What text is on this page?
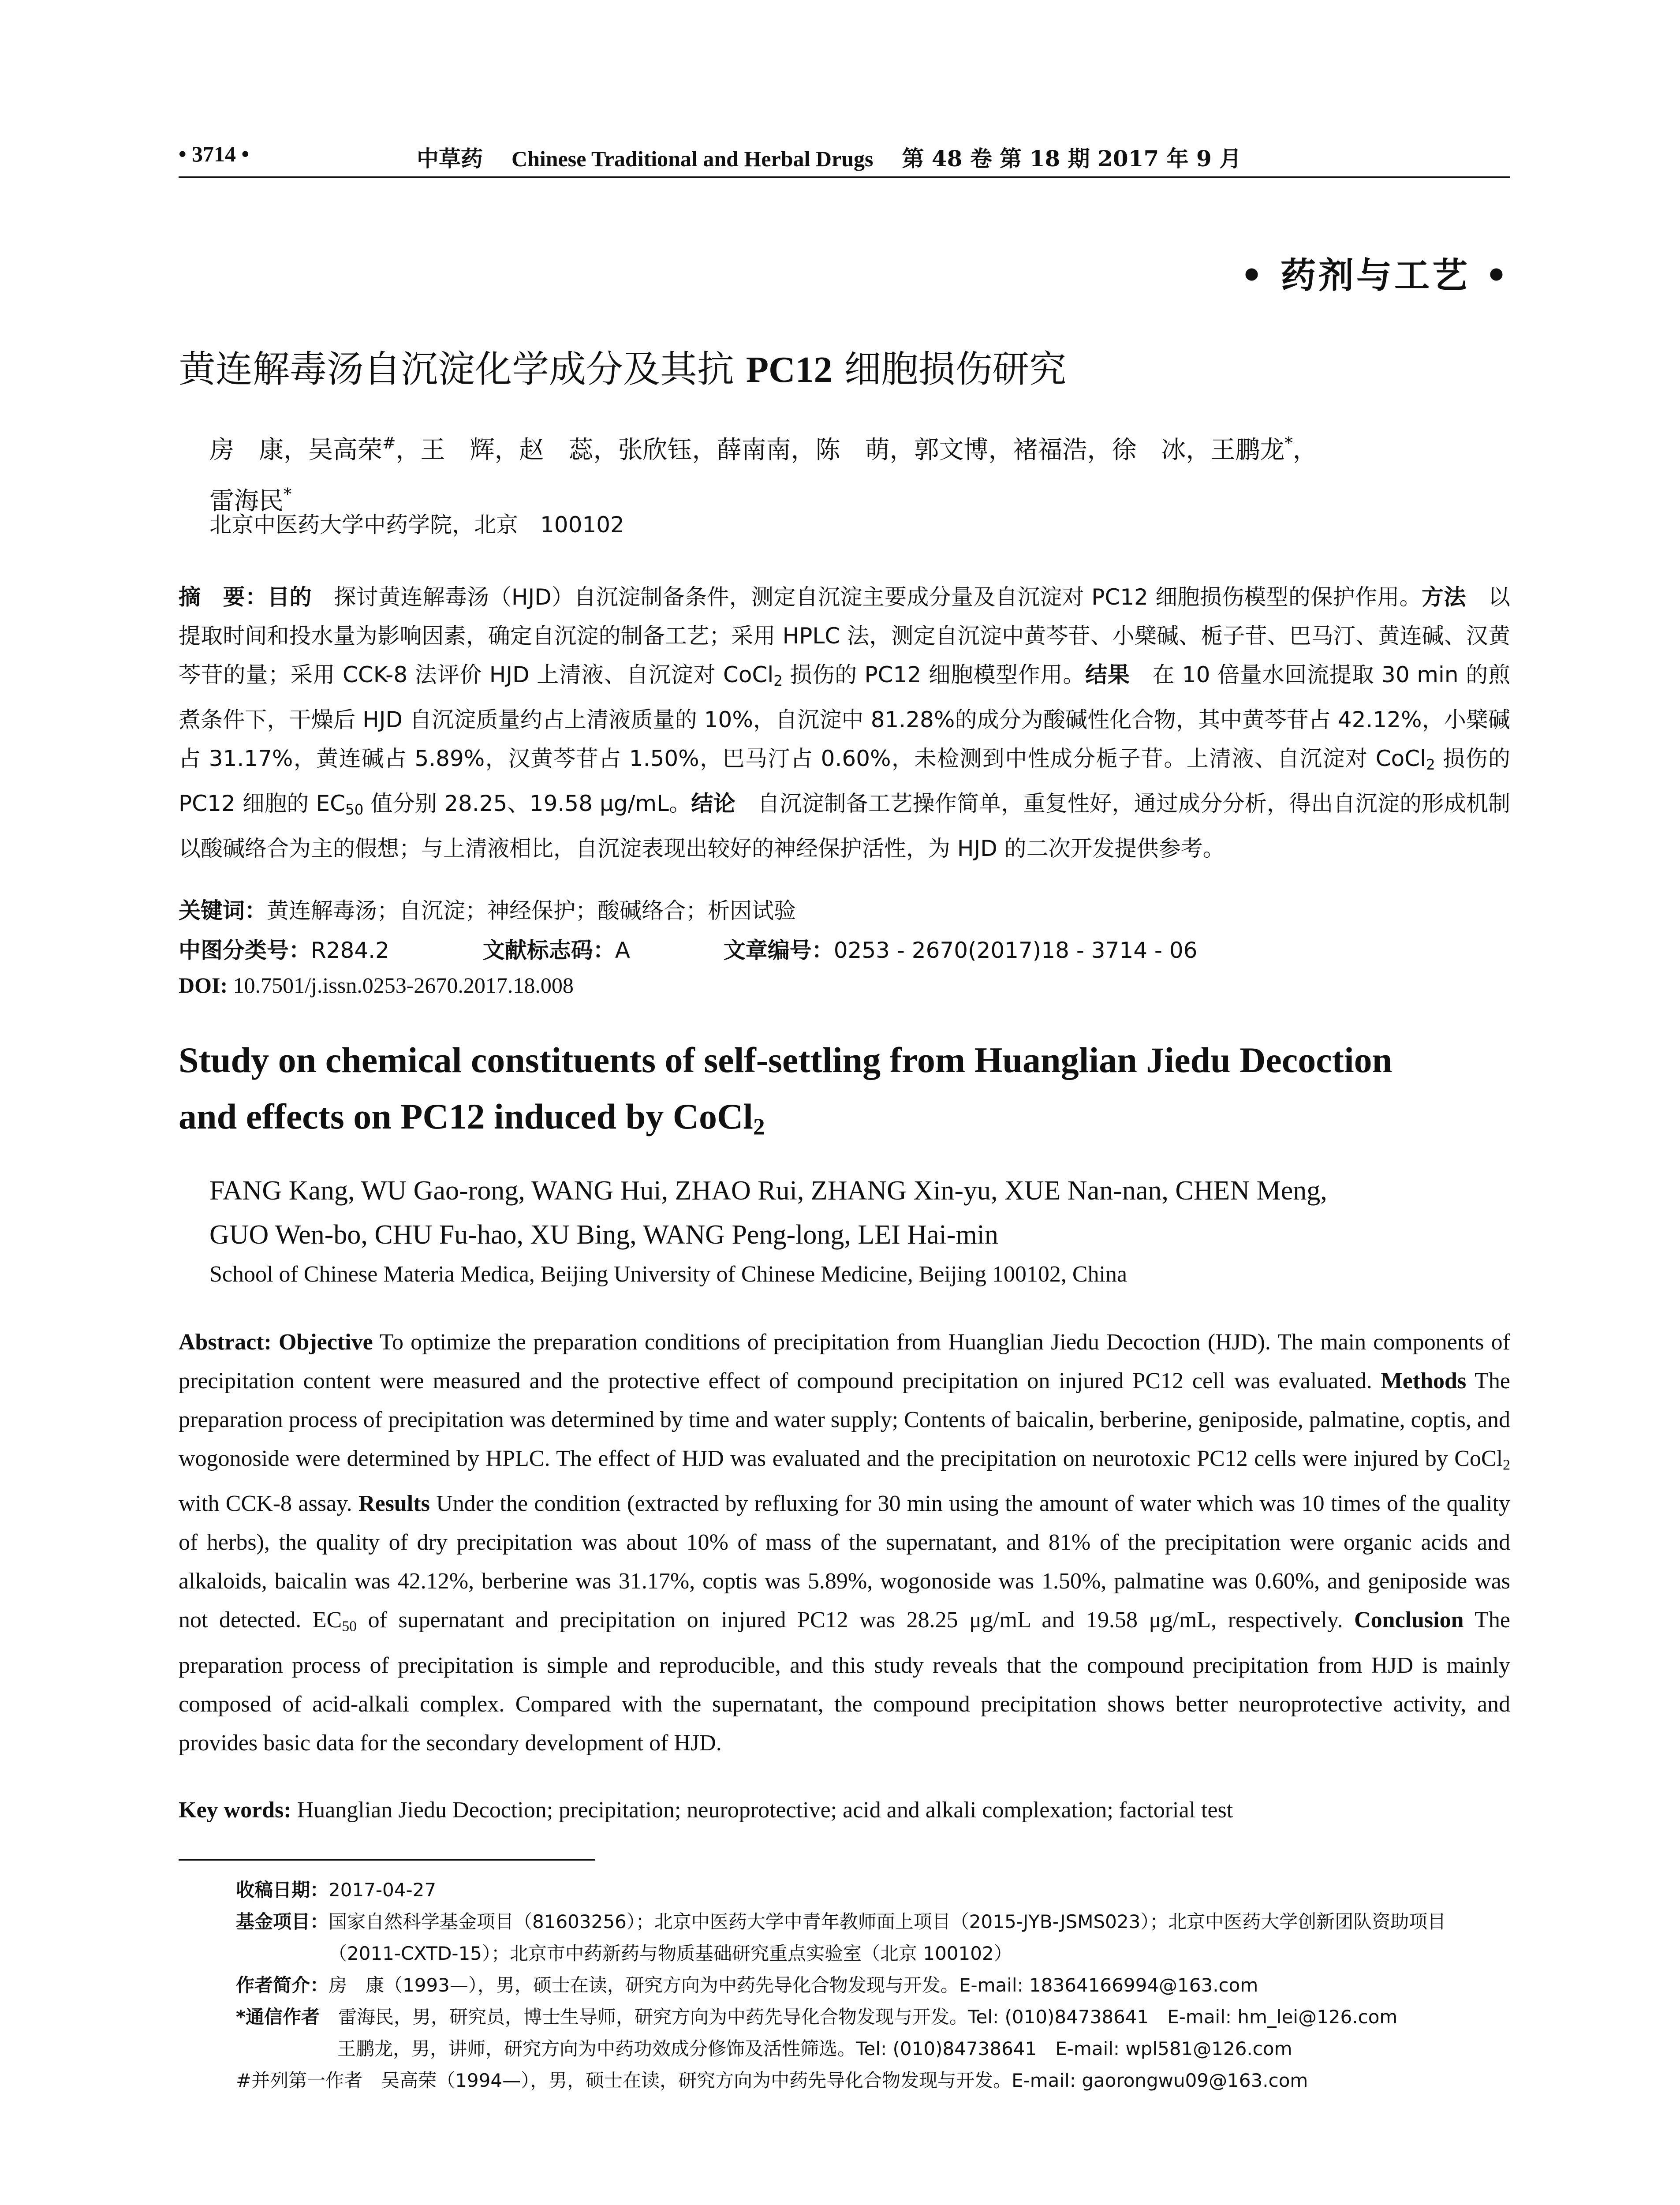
• 3714 •	中草药 Chinese Traditional and Herbal Drugs 第 48 卷 第 18 期 2017 年 9 月
• 药剂与工艺 •
黄连解毒汤自沉淀化学成分及其抗 PC12 细胞损伤研究
房　康，吴高荣#，王　辉，赵　蕊，张欣钰，薛南南，陈　萌，郭文博，褚福浩，徐　冰，王鹏龙*，
雷海民*
北京中医药大学中药学院，北京　100102
摘　要：目的　探讨黄连解毒汤（HJD）自沉淀制备条件，测定自沉淀主要成分量及自沉淀对 PC12 细胞损伤模型的保护作用。方法　以提取时间和投水量为影响因素，确定自沉淀的制备工艺；采用 HPLC 法，测定自沉淀中黄芩苷、小檗碱、栀子苷、巴马汀、黄连碱、汉黄芩苷的量；采用 CCK-8 法评价 HJD 上清液、自沉淀对 CoCl$_2$ 损伤的 PC12 细胞模型作用。结果　在 10 倍量水回流提取 30 min 的煎煮条件下，干燥后 HJD 自沉淀质量约占上清液质量的 10%，自沉淀中 81.28%的成分为酸碱性化合物，其中黄芩苷占 42.12%，小檗碱占 31.17%，黄连碱占 5.89%，汉黄芩苷占 1.50%，巴马汀占 0.60%，未检测到中性成分栀子苷。上清液、自沉淀对 CoCl$_2$ 损伤的 PC12 细胞的 $EC_{50}$ 值分别 28.25、19.58 μg/mL。结论　自沉淀制备工艺操作简单，重复性好，通过成分分析，得出自沉淀的形成机制以酸碱络合为主的假想；与上清液相比，自沉淀表现出较好的神经保护活性，为 HJD 的二次开发提供参考。
关键词：黄连解毒汤；自沉淀；神经保护；酸碱络合；析因试验
中图分类号：R284.2	文献标志码：A	文章编号：0253 - 2670(2017)18 - 3714 - 06
DOI: 10.7501/j.issn.0253-2670.2017.18.008
Study on chemical constituents of self-settling from Huanglian Jiedu Decoction
and effects on PC12 induced by CoCl$_2$
FANG Kang, WU Gao-rong, WANG Hui, ZHAO Rui, ZHANG Xin-yu, XUE Nan-nan, CHEN Meng,
GUO Wen-bo, CHU Fu-hao, XU Bing, WANG Peng-long, LEI Hai-min
School of Chinese Materia Medica, Beijing University of Chinese Medicine, Beijing 100102, China
Abstract: Objective To optimize the preparation conditions of precipitation from Huanglian Jiedu Decoction (HJD). The main components of precipitation content were measured and the protective effect of compound precipitation on injured PC12 cell was evaluated. Methods The preparation process of precipitation was determined by time and water supply; Contents of baicalin, berberine, geniposide, palmatine, coptis, and wogonoside were determined by HPLC. The effect of HJD was evaluated and the precipitation on neurotoxic PC12 cells were injured by CoCl$_2$ with CCK-8 assay. Results Under the condition (extracted by refluxing for 30 min using the amount of water which was 10 times of the quality of herbs), the quality of dry precipitation was about 10% of mass of the supernatant, and 81% of the precipitation were organic acids and alkaloids, baicalin was 42.12%, berberine was 31.17%, coptis was 5.89%, wogonoside was 1.50%, palmatine was 0.60%, and geniposide was not detected. $EC_{50}$ of supernatant and precipitation on injured PC12 was 28.25 μg/mL and 19.58 μg/mL, respectively. Conclusion The preparation process of precipitation is simple and reproducible, and this study reveals that the compound precipitation from HJD is mainly composed of acid-alkali complex. Compared with the supernatant, the compound precipitation shows better neuroprotective activity, and provides basic data for the secondary development of HJD.
Key words: Huanglian Jiedu Decoction; precipitation; neuroprotective; acid and alkali complexation; factorial test
收稿日期： 2017-04-27
基金项目： 国家自然科学基金项目（81603256）；北京中医药大学中青年教师面上项目（2015-JYB-JSMS023）；北京中医药大学创新团队资助项目（2011-CXTD-15）；北京市中药新药与物质基础研究重点实验室（北京 100102）
作者简介： 房　康（1993—），男，硕士在读，研究方向为中药先导化合物发现与开发。E-mail: 18364166994@163.com
*通信作者 　雷海民，男，研究员，博士生导师，研究方向为中药先导化合物发现与开发。Tel: (010)84738641　E-mail: hm_lei@126.com
王鹏龙，男，讲师，研究方向为中药功效成分修饰及活性筛选。Tel: (010)84738641　E-mail: wpl581@126.com
#并列第一作者　吴高荣（1994—），男，硕士在读，研究方向为中药先导化合物发现与开发。E-mail: gaorongwu09@163.com
